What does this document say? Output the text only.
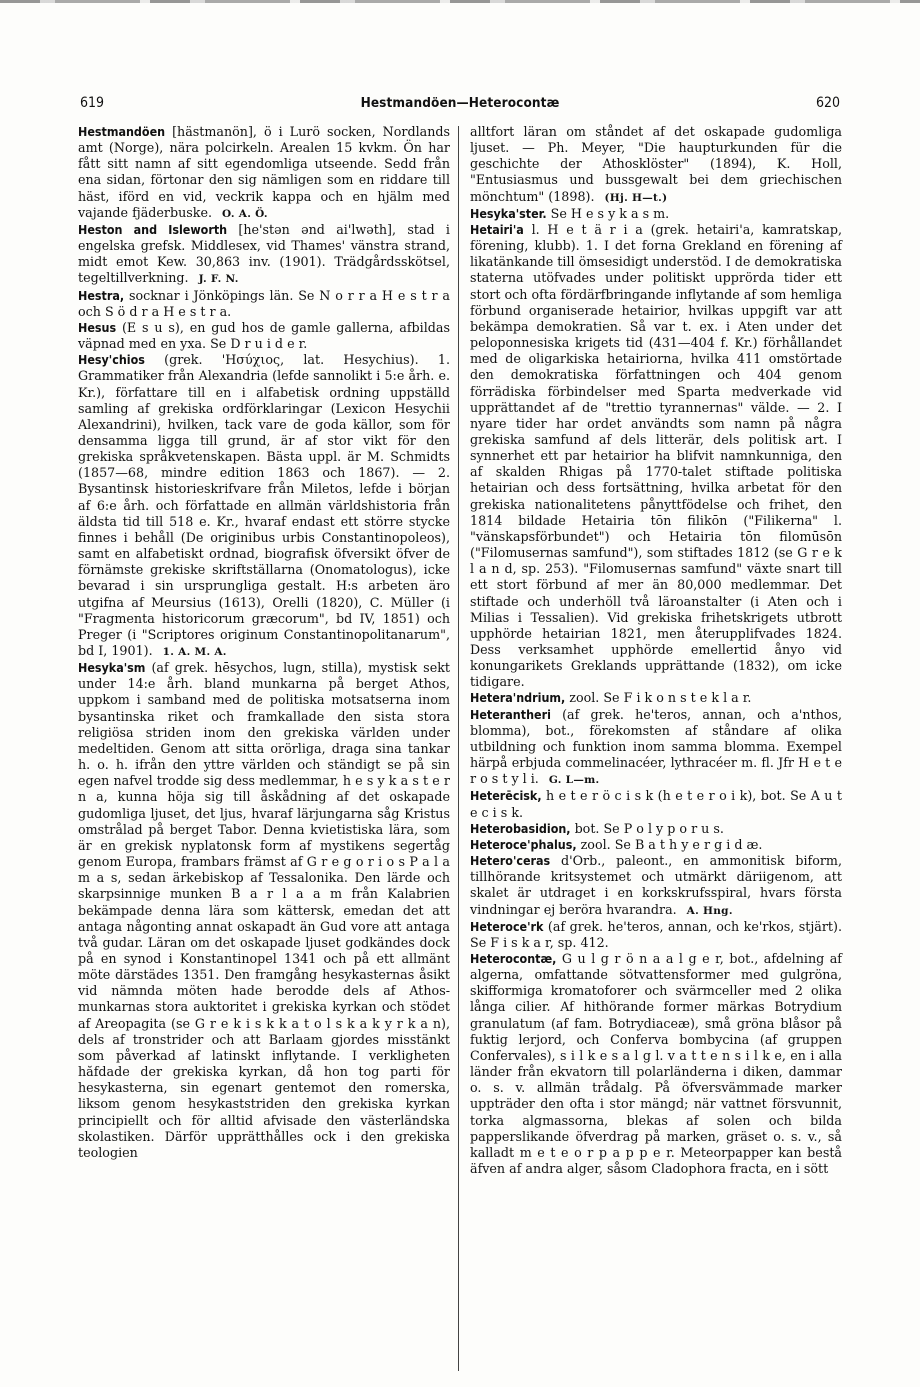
619	Hestmandöen—Heterocontæ	620

Hestmandöen [hästmanön], ö i Lurö socken, Nordlands amt (Norge), nära polcirkeln. Arealen 15 kvkm. Ön har fått sitt namn af sitt egendomliga utseende. Sedd från ena sidan, förtonar den sig nämligen som en riddare till häst, iförd en vid, veckrik kappa och en hjälm med vajande fjäderbuske. O. A. Ö.

Heston and Isleworth [he'stən ənd ai'lwəth], stad i engelska grefsk. Middlesex, vid Thames' vänstra strand, midt emot Kew. 30,863 inv. (1901). Trädgårdsskötsel, tegeltillverkning. J. F. N.

Hestra, socknar i Jönköpings län. Se N o r r a H e s t r a och S ö d r a H e s t r a.

Hesus (E s u s), en gud hos de gamle gallerna, afbildas väpnad med en yxa. Se D r u i d e r.

Hesy'chios (grek. 'Hσύχιος, lat. Hesychius). 1. Grammatiker från Alexandria (lefde sannolikt i 5:e årh. e. Kr.), författare till en i alfabetisk ordning uppställd samling af grekiska ordförklaringar (Lexicon Hesychii Alexandrini), hvilken, tack vare de goda källor, som för densamma ligga till grund, är af stor vikt för den grekiska språkvetenskapen. Bästa uppl. är M. Schmidts (1857—68, mindre edition 1863 och 1867). — 2. Bysantinsk historieskrifvare från Miletos, lefde i början af 6:e årh. och författade en allmän världshistoria från äldsta tid till 518 e. Kr., hvaraf endast ett större stycke finnes i behåll (De originibus urbis Constantinopoleos), samt en alfabetiskt ordnad, biografisk öfversikt öfver de förnämste grekiske skriftställarna (Onomatologus), icke bevarad i sin ursprungliga gestalt. H:s arbeten äro utgifna af Meursius (1613), Orelli (1820), C. Müller (i "Fragmenta historicorum græcorum", bd IV, 1851) och Preger (i "Scriptores originum Constantinopolitanarum", bd I, 1901). 1. A. M. A.

Hesyka'sm (af grek. hēsychos, lugn, stilla), mystisk sekt under 14:e årh. bland munkarna på berget Athos, uppkom i samband med de politiska motsatserna inom bysantinska riket och framkallade den sista stora religiösa striden inom den grekiska världen under medeltiden. Genom att sitta orörliga, draga sina tankar h. o. h. ifrån den yttre världen och ständigt se på sin egen nafvel trodde sig dess medlemmar, h e s y k a s t e r n a, kunna höja sig till åskådning af det oskapade gudomliga ljuset, det ljus, hvaraf lärjungarna såg Kristus omstrålad på berget Tabor. Denna kvietistiska lära, som är en grekisk nyplatonsk form af mystikens segertåg genom Europa, frambars främst af G r e g o r i o s P a l a m a s, sedan ärkebiskop af Tessalonika. Den lärde och skarpsinnige munken B a r l a a m från Kalabrien bekämpade denna lära som kättersk, emedan det att antaga någonting annat oskapadt än Gud vore att antaga två gudar. Läran om det oskapade ljuset godkändes dock på en synod i Konstantinopel 1341 och på ett allmänt möte därstädes 1351. Den framgång hesykasternas åsikt vid nämnda möten hade berodde dels af Athos-munkarnas stora auktoritet i grekiska kyrkan och stödet af Areopagita (se G r e k i s k k a t o l s k a k y r k a n), dels af tronstrider och att Barlaam gjordes misstänkt som påverkad af latinskt inflytande. I verkligheten hăfdade der grekiska kyrkan, då hon tog parti för hesykasterna, sin egenart gentemot den romerska, liksom genom hesykaststriden den grekiska kyrkan principiellt och för alltid afvisade den västerländska skolastiken. Därför upprätthålles ock i den grekiska teologien

alltfort läran om ståndet af det oskapade gudomliga ljuset. — Ph. Meyer, "Die haupturkunden für die geschichte der Athosklöster" (1894), K. Holl, "Entusiasmus und bussgewalt bei dem griechischen mönchtum" (1898). (Hj. H—t.)

Hesyka'ster. Se H e s y k a s m.

Hetairi'a l. H e t ä r i a (grek. hetairi'a, kamratskap, förening, klubb). 1. I det forna Grekland en förening af likatänkande till ömsesidigt understöd. I de demokratiska staterna utöfvades under politiskt upprörda tider ett stort och ofta fördärfbringande inflytande af som hemliga förbund organiserade hetairior, hvilkas uppgift var att bekämpa demokratien. Så var t. ex. i Aten under det peloponnesiska krigets tid (431—404 f. Kr.) förhållandet med de oligarkiska hetairiorna, hvilka 411 omstörtade den demokratiska författningen och 404 genom förrädiska förbindelser med Sparta medverkade vid upprättandet af de "trettio tyrannernas" välde. — 2. I nyare tider har ordet användts som namn på några grekiska samfund af dels litterär, dels politisk art. I synnerhet ett par hetairior ha blifvit namnkunniga, den af skalden Rhigas på 1770-talet stiftade politiska hetairian och dess fortsättning, hvilka arbetat för den grekiska nationalitetens pånyttfödelse och frihet, den 1814 bildade Hetairia tōn filikōn ("Filikerna" l. "vänskapsförbundet") och Hetairia tōn filomūsōn ("Filomusernas samfund"), som stiftades 1812 (se G r e k l a n d, sp. 253). "Filomusernas samfund" växte snart till ett stort förbund af mer än 80,000 medlemmar. Det stiftade och underhöll två läroanstalter (i Aten och i Milias i Tessalien). Vid grekiska frihetskrigets utbrott upphörde hetairian 1821, men återupplifvades 1824. Dess verksamhet upphörde emellertid ånyo vid konungarikets Greklands upprättande (1832), om icke tidigare.

Hetera'ndrium, zool. Se F i k o n s t e k l a r.

Heterantheri (af grek. he'teros, annan, och a'nthos, blomma), bot., förekomsten af ståndare af olika utbildning och funktion inom samma blomma. Exempel härpå erbjuda commelinacéer, lythracéer m. fl. Jfr H e t e r o s t y l i. G. L—m.

Heterēcisk, h e t e r ö c i s k (h e t e r o i k), bot. Se A u t e c i s k.

Heterobasidion, bot. Se P o l y p o r u s.

Heteroce'phalus, zool. Se B a t h y e r g i d æ.

Hetero'ceras d'Orb., paleont., en ammonitisk biform, tillhörande kritsystemet och utmärkt däriigenom, att skalet är utdraget i en korkskrufsspiral, hvars första vindningar ej beröra hvarandra. A. Hng.

Heteroce'rk (af grek. he'teros, annan, och ke'rkos, stjärt). Se F i s k a r, sp. 412.

Heterocontæ, G u l g r ö n a a l g e r, bot., afdelning af algerna, omfattande sötvattensformer med gulgröna, skifformiga kromatoforer och svärmceller med 2 olika långa cilier. Af hithörande former märkas Botrydium granulatum (af fam. Botrydiaceæ), små gröna blåsor på fuktig lerjord, och Conferva bombycina (af gruppen Confervales), s i l k e s a l g l. v a t t e n s i l k e, en i alla länder från ekvatorn till polarländerna i diken, dammar o. s. v. allmän trådalg. På öfversvämmade marker uppträder den ofta i stor mängd; när vattnet försvunnit, torka algmassorna, blekas af solen och bilda papperslikande öfverdrag på marken, gräset o. s. v., så kalladt m e t e o r p a p p e r. Meteorpapper kan bestå äfven af andra alger, såsom Cladophora fracta, en i sött
